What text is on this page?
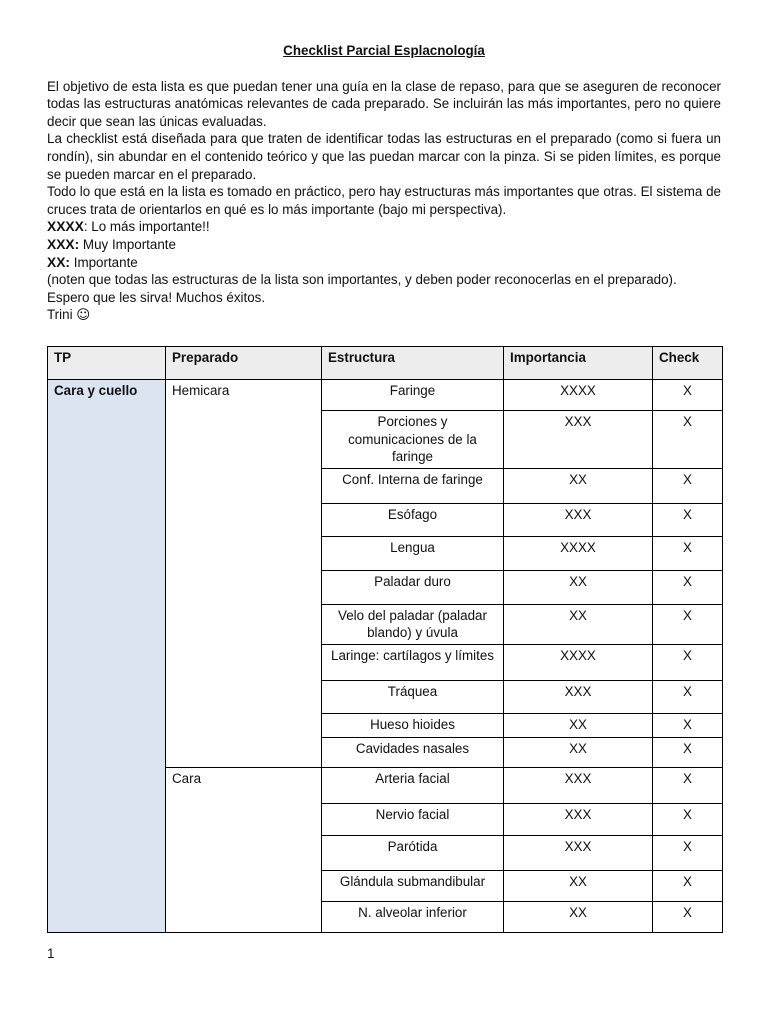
Checklist Parcial Esplacnología

El objetivo de esta lista es que puedan tener una guía en la clase de repaso, para que se aseguren de reconocer todas las estructuras anatómicas relevantes de cada preparado. Se incluirán las más importantes, pero no quiere decir que sean las únicas evaluadas.

La checklist está diseñada para que traten de identificar todas las estructuras en el preparado (como si fuera un rondín), sin abundar en el contenido teórico y que las puedan marcar con la pinza. Si se piden límites, es porque se pueden marcar en el preparado.

Todo lo que está en la lista es tomado en práctico, pero hay estructuras más importantes que otras. El sistema de cruces trata de orientarlos en qué es lo más importante (bajo mi perspectiva).

XXXX: Lo más importante!!
XXX: Muy Importante
XX: Importante
(noten que todas las estructuras de la lista son importantes, y deben poder reconocerlas en el preparado).
Espero que les sirva! Muchos éxitos.
Trini ☺
TP	Preparado	Estructura	Importancia	Check
Cara y cuello	Hemicara	Faringe	XXXX	X
		Porciones y comunicaciones de la faringe	XXX	X
		Conf. Interna de faringe	XX	X
		Esófago	XXX	X
		Lengua	XXXX	X
		Paladar duro	XX	X
		Velo del paladar (paladar blando) y úvula	XX	X
		Laringe: cartílagos y límites	XXXX	X
		Tráquea	XXX	X
		Hueso hioides	XX	X
		Cavidades nasales	XX	X
	Cara	Arteria facial	XXX	X
		Nervio facial	XXX	X
		Parótida	XXX	X
		Glándula submandibular	XX	X
		N. alveolar inferior	XX	X
1
